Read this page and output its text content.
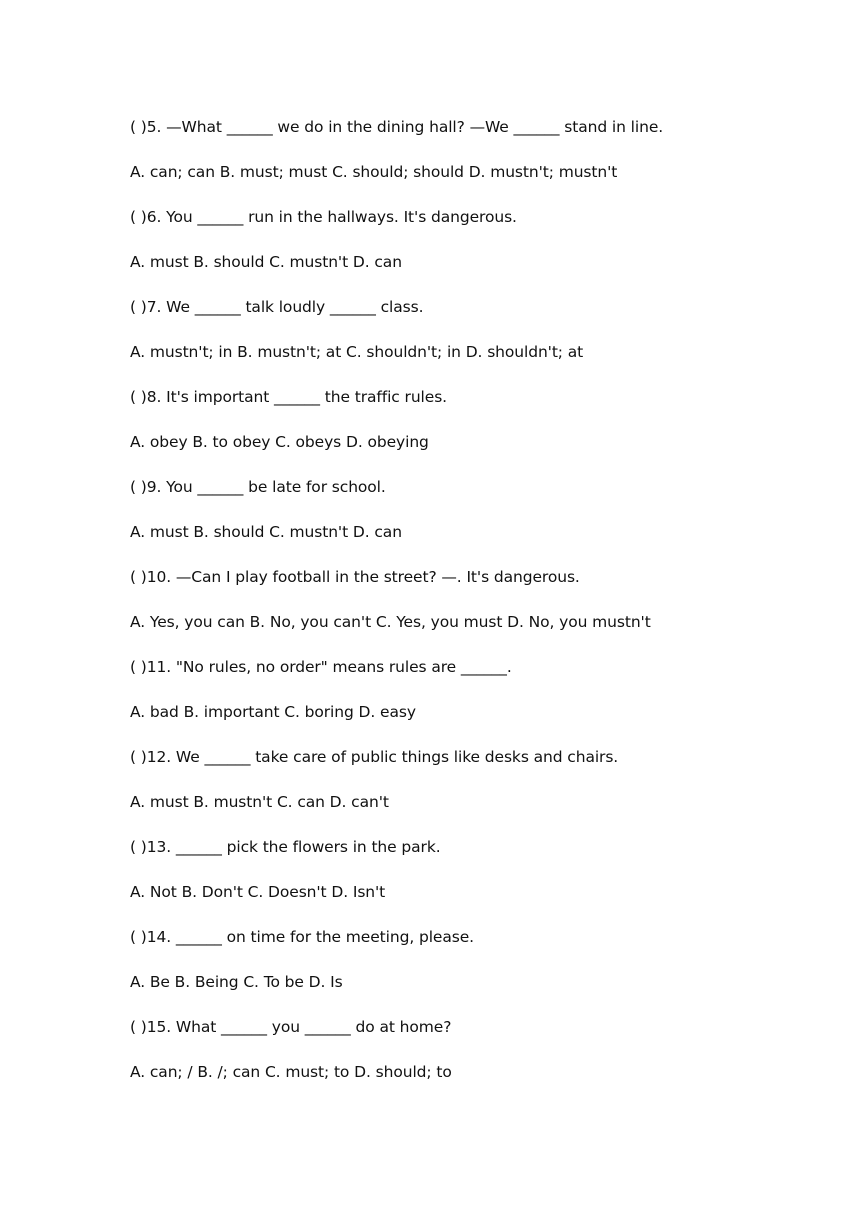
( )5. —What ______ we do in the dining hall? —We ______ stand in line.
A. can; can B. must; must C. should; should D. mustn't; mustn't
( )6. You ______ run in the hallways. It's dangerous.
A. must B. should C. mustn't D. can
( )7. We ______ talk loudly ______ class.
A. mustn't; in B. mustn't; at C. shouldn't; in D. shouldn't; at
( )8. It's important ______ the traffic rules.
A. obey B. to obey C. obeys D. obeying
( )9. You ______ be late for school.
A. must B. should C. mustn't D. can
( )10. —Can I play football in the street? —. It's dangerous.
A. Yes, you can B. No, you can't C. Yes, you must D. No, you mustn't
( )11. "No rules, no order" means rules are ______.
A. bad B. important C. boring D. easy
( )12. We ______ take care of public things like desks and chairs.
A. must B. mustn't C. can D. can't
( )13. ______ pick the flowers in the park.
A. Not B. Don't C. Doesn't D. Isn't
( )14. ______ on time for the meeting, please.
A. Be B. Being C. To be D. Is
( )15. What ______ you ______ do at home?
A. can; / B. /; can C. must; to D. should; to
